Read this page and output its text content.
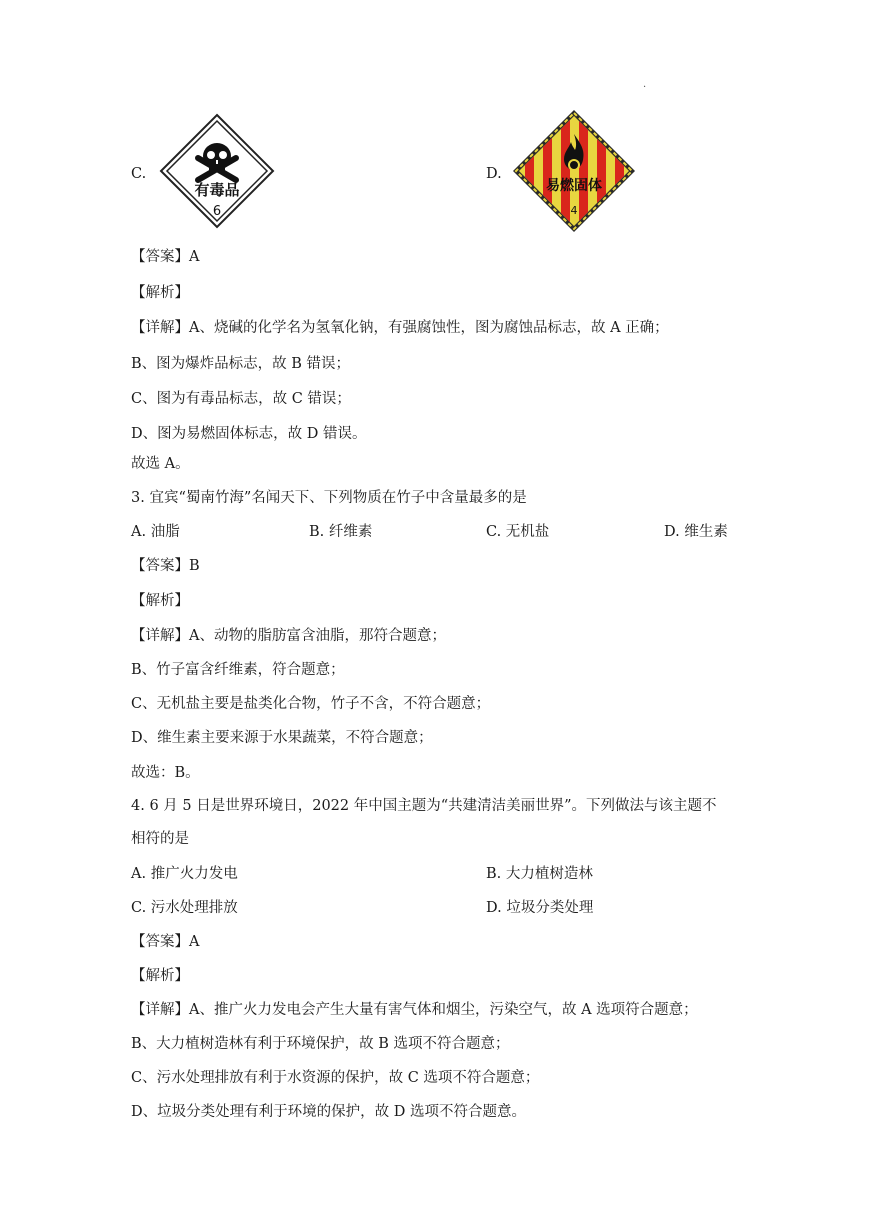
·
C.
有毒品
6
D.
易燃固体
4
【答案】A
【解析】
【详解】A、烧碱的化学名为氢氧化钠，有强腐蚀性，图为腐蚀品标志，故 A 正确；
B、图为爆炸品标志，故 B 错误；
C、图为有毒品标志，故 C 错误；
D、图为易燃固体标志，故 D 错误。
故选 A。
3. 宜宾“蜀南竹海”名闻天下、下列物质在竹子中含量最多的是
A. 油脂	B. 纤维素	C. 无机盐	D. 维生素
【答案】B
【解析】
【详解】A、动物的脂肪富含油脂，那符合题意；
B、竹子富含纤维素，符合题意；
C、无机盐主要是盐类化合物，竹子不含，不符合题意；
D、维生素主要来源于水果蔬菜，不符合题意；
故选：B。
4. 6 月 5 日是世界环境日，2022 年中国主题为“共建清洁美丽世界”。下列做法与该主题不
相符的是
A. 推广火力发电	B. 大力植树造林
C. 污水处理排放	D. 垃圾分类处理
【答案】A
【解析】
【详解】A、推广火力发电会产生大量有害气体和烟尘，污染空气，故 A 选项符合题意；
B、大力植树造林有利于环境保护，故 B 选项不符合题意；
C、污水处理排放有利于水资源的保护，故 C 选项不符合题意；
D、垃圾分类处理有利于环境的保护，故 D 选项不符合题意。
